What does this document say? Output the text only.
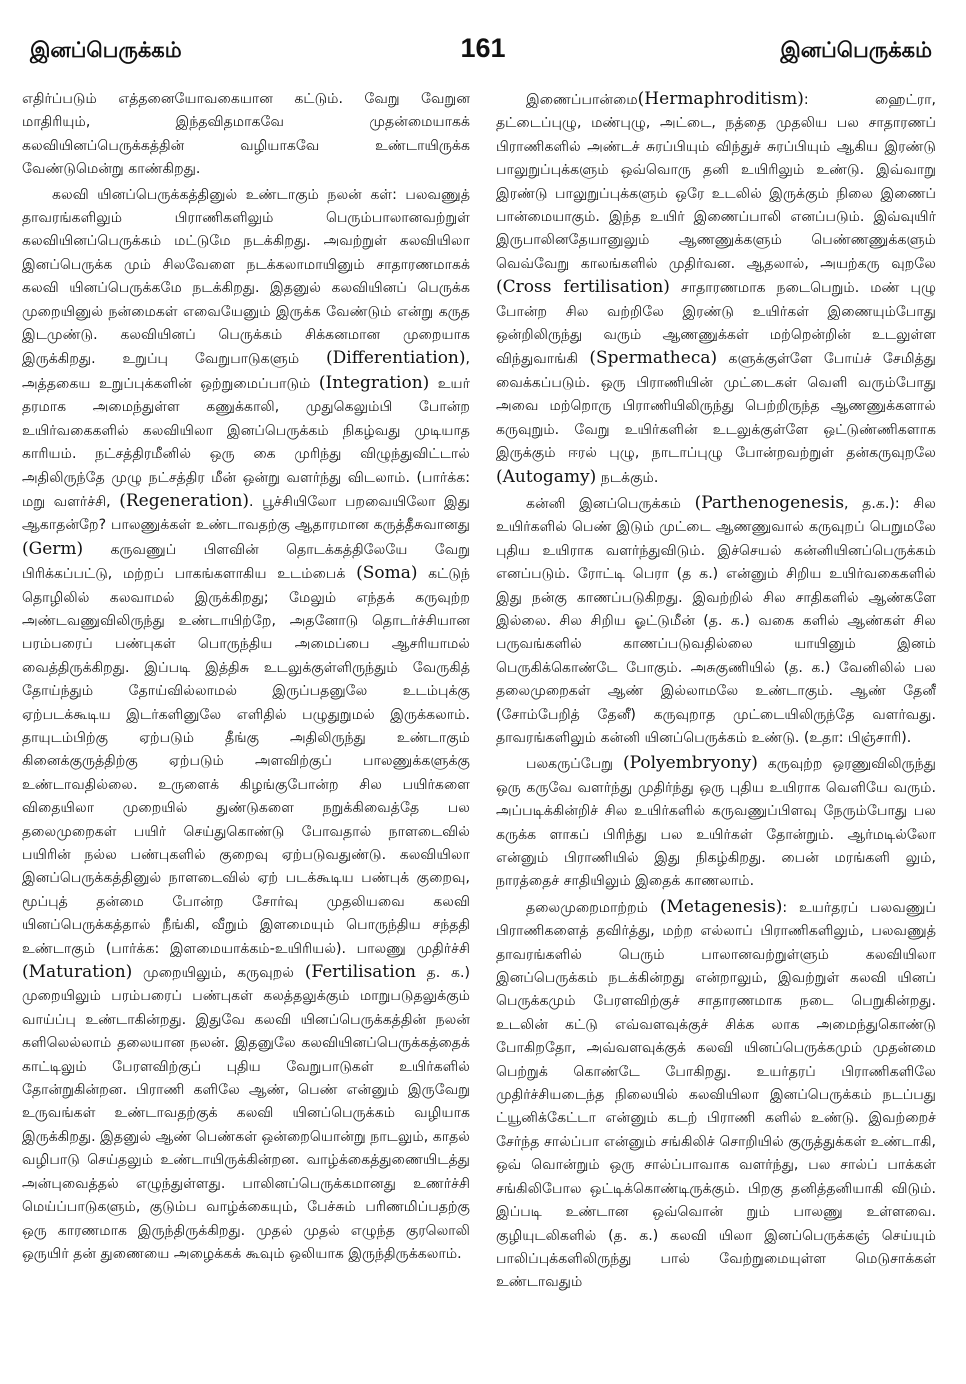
இனப்பெருக்கம்	161	இனப்பெருக்கம்

எதிர்ப்படும் எத்தனையோவகையான கட்டும். வேறு வேறுன மாதிரியும், இந்தவிதமாகவே முதன்மையாகக் கலவியினப்பெருக்கத்தின் வழியாகவே உண்டாயிருக்க வேண்டுமென்று காண்கிறது.

கலவி யினப்பெருக்கத்தினுல் உண்டாகும் நலன் கள்: பலவணுத் தாவரங்களிலும் பிராணிகளிலும் பெரும்பாலானவற்றுள் கலவியினப்பெருக்கம் மட்டுமே நடக்கிறது. அவற்றுள் கலவியிலா இனப்பெருக்க மும் சிலவேளை நடக்கலாமாயினும் சாதாரணமாகக் கலவி யினப்பெருக்கமே நடக்கிறது. இதனுல் கலவியினப் பெருக்க முறையினுல் நன்மைகள் எவையேனும் இருக்க வேண்டும் என்று கருத இடமுண்டு. கலவியினப் பெருக்கம் சிக்கனமான முறையாக இருக்கிறது. உறுப்பு வேறுபாடுகளும் (Differentiation), அத்தகைய உறுப்புக்களின் ஒற்றுமைப்பாடும் (Integration) உயர் தரமாக அமைந்துள்ள கணுக்காலி, முதுகெலும்பி போன்ற உயிர்வகைகளில் கலவியிலா இனப்பெருக்கம் நிகழ்வது முடியாத காரியம். நட்சத்திரமீனில் ஒரு கை முரிந்து விழுந்துவிட்டால் அதிலிருந்தே முழு நட்சத்திர மீன் ஒன்று வளர்ந்து விடலாம். (பார்க்க: மறு வளர்ச்சி, (Regeneration). பூச்சியிலோ பறவையிலோ இது ஆகாதன்றே? பாலணுக்கள் உண்டாவதற்கு ஆதாரமான கருத்தீசுவானது (Germ) கருவணுப் பிளவின் தொடக்கத்திலேயே வேறு பிரிக்கப்பட்டு, மற்றப் பாகங்களாகிய உடம்பைக் (Soma) கட்டுந் தொழிலில் கலவாமல் இருக்கிறது; மேலும் எந்தக் கருவுற்ற அண்டவணுவிலிருந்து உண்டாயிற்றே, அதனோடு தொடர்ச்சியான பரம்பரைப் பண்புகள் பொருந்திய அமைப்பை ஆசரியாமல் வைத்திருக்கிறது. இப்படி இத்திசு உடலுக்குள்ளிருந்தும் வேருகித் தோய்ந்தும் தோய்வில்லாமல் இருப்பதனுலே உடம்புக்கு ஏற்படக்கூடிய இடர்களினுலே எளிதில் பழுதுறுமல் இருக்கலாம். தாயுடம்பிற்கு ஏற்படும் தீங்கு அதிலிருந்து உண்டாகும் கினைக்குருத்திற்கு ஏற்படும் அளவிற்குப் பாலணுக்களுக்கு உண்டாவதில்லை. உருளைக் கிழங்குபோன்ற சில பயிர்களை விதையிலா முறையில் துண்டுகளை நறுக்கிவைத்தே பல தலைமுறைகள் பயிர் செய்துகொண்டு போவதால் நாளடைவில் பயிரின் நல்ல பண்புகளில் குறைவு ஏற்படுவதுண்டு. கலவியிலா இனப்பெருக்கத்தினுல் நாளடைவில் ஏற் படக்கூடிய பண்புக் குறைவு, மூப்புத் தன்மை போன்ற சோர்வு முதலியவை கலவி யினப்பெருக்கத்தால் நீங்கி, வீறும் இளமையும் பொருந்திய சந்ததி உண்டாகும் (பார்க்க: இளமையாக்கம்-உயிரியல்). பாலணு முதிர்ச்சி (Maturation) முறையிலும், கருவுறல் (Fertilisation த. க.) முறையிலும் பரம்பரைப் பண்புகள் கலத்தலுக்கும் மாறுபடுதலுக்கும் வாய்ப்பு உண்டாகின்றது. இதுவே கலவி யினப்பெருக்கத்தின் நலன் களிலெல்லாம் தலையான நலன். இதனுலே கலவியினப்பெருக்கத்தைக் காட்டிலும் பேரளவிற்குப் புதிய வேறுபாடுகள் உயிர்களில் தோன்றுகின்றன. பிராணி களிலே ஆண், பெண் என்னும் இருவேறு உருவங்கள் உண்டாவதற்குக் கலவி யினப்பெருக்கம் வழியாக இருக்கிறது. இதனுல் ஆண் பெண்கள் ஒன்றையொன்று நாடலும், காதல் வழிபாடு செய்தலும் உண்டாயிருக்கின்றன. வாழ்க்கைத்துணையிடத்து அன்புவைத்தல் எழுந்துள்ளது. பாலினப்பெருக்கமானது உணர்ச்சி மெய்ப்பாடுகளும், குடும்ப வாழ்க்கையும், பேச்சும் பரிணமிப்பதற்கு ஒரு காரணமாக இருந்திருக்கிறது. முதல் முதல் எழுந்த குரலொலி ஒருயிர் தன் துணையை அழைக்கக் கூவும் ஒலியாக இருந்திருக்கலாம்.

இணைப்பான்மை(Hermaphroditism): ஹைட்ரா, தட்டைப்புழு, மண்புழு, அட்டை, நத்தை முதலிய பல சாதாரணப் பிராணிகளில் அண்டச் சுரப்பியும் விந்துச் சுரப்பியும் ஆகிய இரண்டு பாலுறுப்புக்களும் ஒவ்வொரு தனி உயிரிலும் உண்டு. இவ்வாறு இரண்டு பாலுறுப்புக்களும் ஒரே உடலில் இருக்கும் நிலை இணைப் பான்மையாகும். இந்த உயிர் இணைப்பாலி எனப்படும். இவ்வுயிர் இருபாலினதேயானுலும் ஆணணுக்களும் பெண்ணணுக்களும் வெவ்வேறு காலங்களில் முதிர்வன. ஆதலால், அயற்கரு வுறலே (Cross fertilisation) சாதாரணமாக நடைபெறும். மண் புழு போன்ற சில வற்றிலே இரண்டு உயிர்கள் இணையும்போது ஒன்றிலிருந்து வரும் ஆணணுக்கள் மற்றென்றின் உடலுள்ள விந்துவாங்கி (Spermatheca) களுக்குள்ளே போய்ச் சேமித்து வைக்கப்படும். ஒரு பிராணியின் முட்டைகள் வெளி வரும்போது அவை மற்றொரு பிராணியிலிருந்து பெற்றிருந்த ஆணணுக்களால் கருவுறும். வேறு உயிர்களின் உடலுக்குள்ளே ஒட்டுண்ணிகளாக இருக்கும் ஈரல் புழு, நாடாப்புழு போன்றவற்றுள் தன்கருவுறலே (Autogamy) நடக்கும்.

கன்னி இனப்பெருக்கம் (Parthenogenesis, த.க.): சில உயிர்களில் பெண் இடும் முட்டை ஆணணுவால் கருவுறப் பெறுமலே புதிய உயிராக வளர்ந்துவிடும். இச்செயல் கன்னியினப்பெருக்கம் எனப்படும். ரோட்டி பெரா (த க.) என்னும் சிறிய உயிர்வகைகளில் இது நன்கு காணப்படுகிறது. இவற்றில் சில சாதிகளில் ஆண்களே இல்லை. சில சிறிய ஓட்டுமீன் (த. க.) வகை களில் ஆண்கள் சில பருவங்களில் காணப்படுவதில்லை யாயினும் இனம் பெருகிக்கொண்டே போகும். அசுகுணியில் (த. க.) வேனிலில் பல தலைமுறைகள் ஆண் இல்லாமலே உண்டாகும். ஆண் தேனீ (சோம்பேறித் தேனீ) கருவுறாத முட்டையிலிருந்தே வளர்வது. தாவரங்களிலும் கன்னி யினப்பெருக்கம் உண்டு. (உதா: பிஞ்சாரி).

பலகருப்பேறு (Polyembryony) கருவுற்ற ஒரணுவிலிருந்து ஒரு கருவே வளர்ந்து முதிர்ந்து ஒரு புதிய உயிராக வெளியே வரும். அப்படிக்கின்றிச் சில உயிர்களில் கருவணுப்பிளவு நேரும்போது பல கருக்க ளாகப் பிரிந்து பல உயிர்கள் தோன்றும். ஆர்மடில்லோ என்னும் பிராணியில் இது நிகழ்கிறது. பைன் மரங்களி லும், நாரத்தைச் சாதியிலும் இதைக் காணலாம்.

தலைமுறைமாற்றம் (Metagenesis): உயர்தரப் பலவணுப் பிராணிகளைத் தவிர்த்து, மற்ற எல்லாப் பிராணிகளிலும், பலவணுத் தாவரங்களில் பெரும் பாலானவற்றுள்ளும் கலவியிலா இனப்பெருக்கம் நடக்கின்றது என்றாலும், இவற்றுள் கலவி யினப் பெருக்கமும் பேரளவிற்குச் சாதாரணமாக நடை பெறுகின்றது. உடலின் கட்டு எவ்வளவுக்குச் சிக்க லாக அமைந்துகொண்டு போகிறதோ, அவ்வளவுக்குக் கலவி யினப்பெருக்கமும் முதன்மை பெற்றுக் கொண்டே போகிறது. உயர்தரப் பிராணிகளிலே முதிர்ச்சியடைந்த நிலையில் கலவியிலா இனப்பெருக்கம் நடப்பது ட்யூனிக்கேட்டா என்னும் கடற் பிராணி களில் உண்டு. இவற்றைச் சேர்ந்த சால்ப்பா என்னும் சங்கிலிச் சொறியில் குருத்துக்கள் உண்டாகி, ஒவ் வொன்றும் ஒரு சால்ப்பாவாக வளர்ந்து, பல சால்ப் பாக்கள் சங்கிலிபோல ஒட்டிக்கொண்டிருக்கும். பிறகு தனித்தனியாகி விடும். இப்படி உண்டான ஒவ்வொன் றும் பாலணு உள்ளவை. குழியுடலிகளில் (த. க.) கலவி யிலா இனப்பெருக்கஞ் செய்யும் பாலிப்புக்களிலிருந்து பால் வேற்றுமையுள்ள மெடுசாக்கள் உண்டாவதும்
